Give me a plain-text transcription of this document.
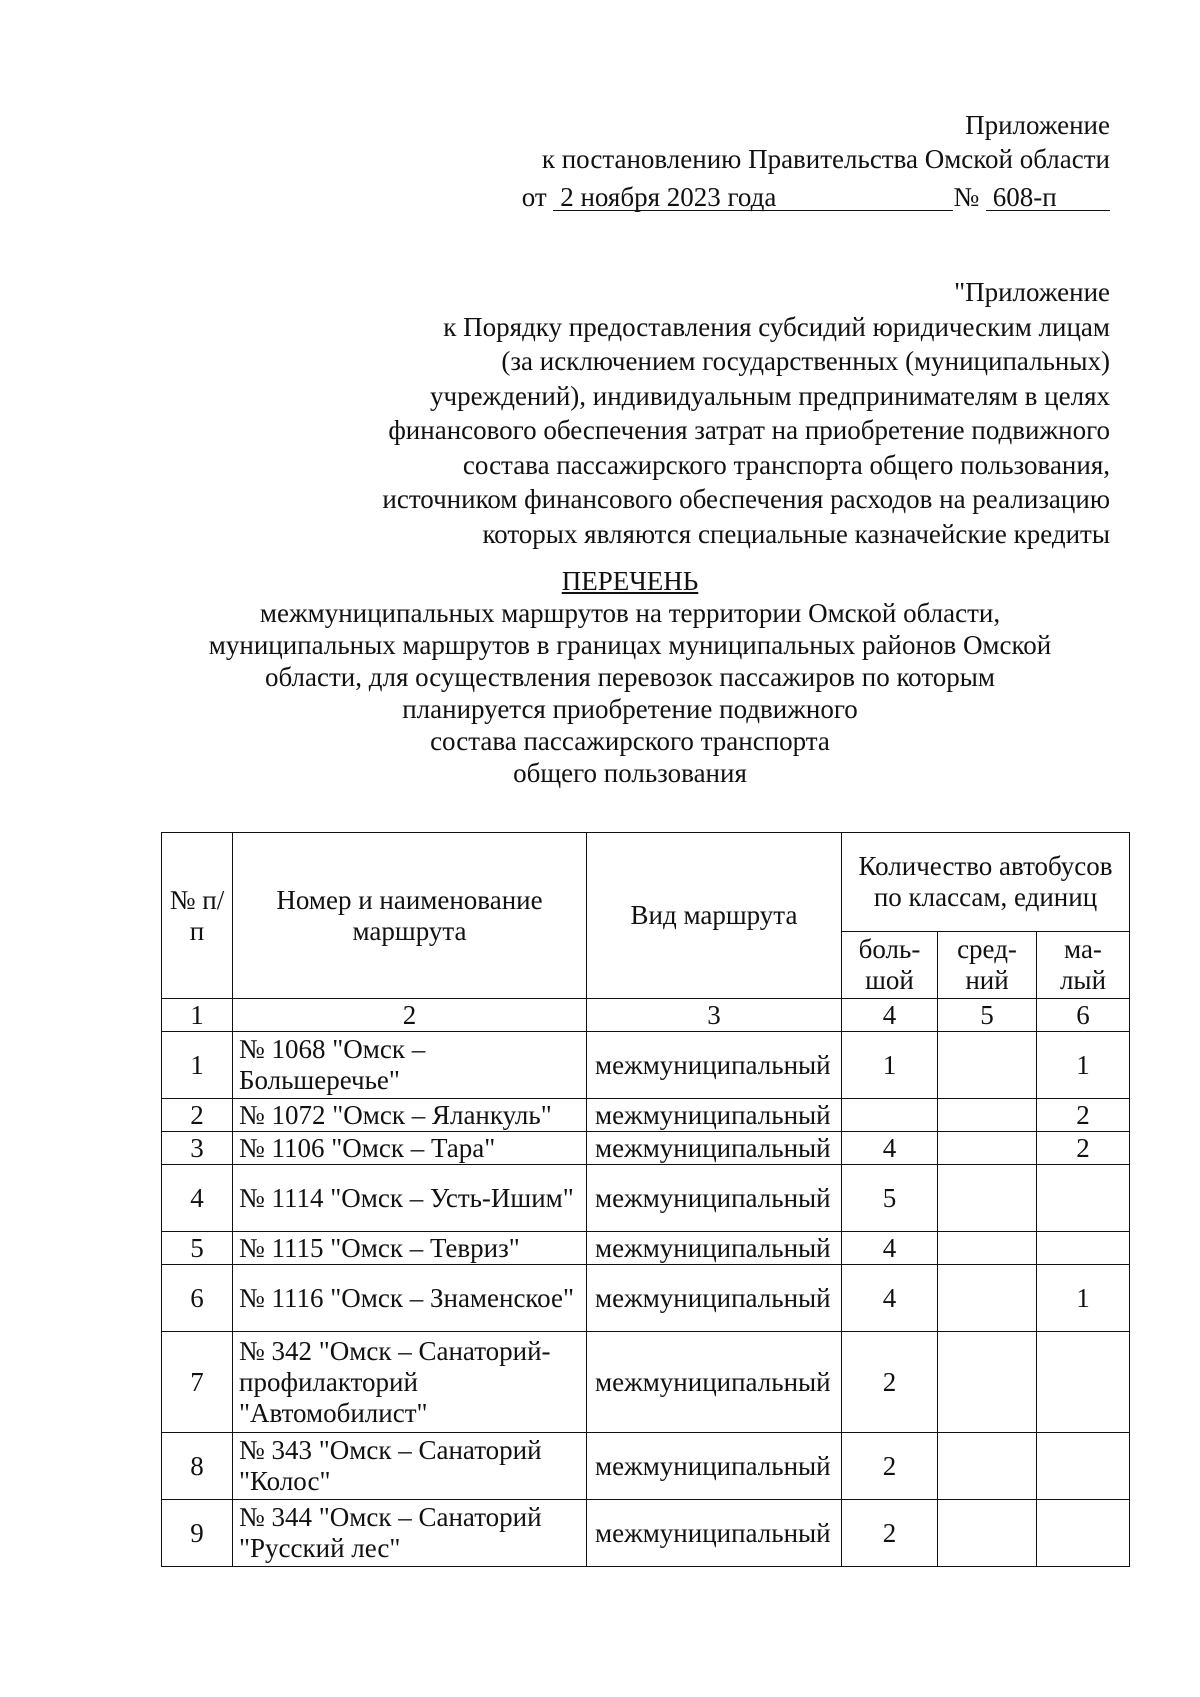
Приложение
к постановлению Правительства Омской области
от 2 ноября 2023 года	№ 608-п
"Приложение
к Порядку предоставления субсидий юридическим лицам
(за исключением государственных (муниципальных)
учреждений), индивидуальным предпринимателям в целях
финансового обеспечения затрат на приобретение подвижного
состава пассажирского транспорта общего пользования,
источником финансового обеспечения расходов на реализацию
которых являются специальные казначейские кредиты
ПЕРЕЧЕНЬ
межмуниципальных маршрутов на территории Омской области,
муниципальных маршрутов в границах муниципальных районов Омской
области, для осуществления перевозок пассажиров по которым
планируется приобретение подвижного
состава пассажирского транспорта
общего пользования
№ п/п	Номер и наименование маршрута	Вид маршрута	Количество автобусов по классам, единиц		
			боль-шой	сред-ний	ма-лый
1	2	3	4	5	6
1	№ 1068 "Омск – Большеречье"	межмуниципальный	1		1
2	№ 1072 "Омск – Яланкуль"	межмуниципальный			2
3	№ 1106 "Омск – Тара"	межмуниципальный	4		2
4	№ 1114 "Омск – Усть-Ишим"	межмуниципальный	5		
5	№ 1115 "Омск – Тевриз"	межмуниципальный	4		
6	№ 1116 "Омск – Знаменское"	межмуниципальный	4		1
7	№ 342 "Омск – Санаторий-профилакторий "Автомобилист"	межмуниципальный	2		
8	№ 343 "Омск – Санаторий "Колос"	межмуниципальный	2		
9	№ 344 "Омск – Санаторий "Русский лес"	межмуниципальный	2		
